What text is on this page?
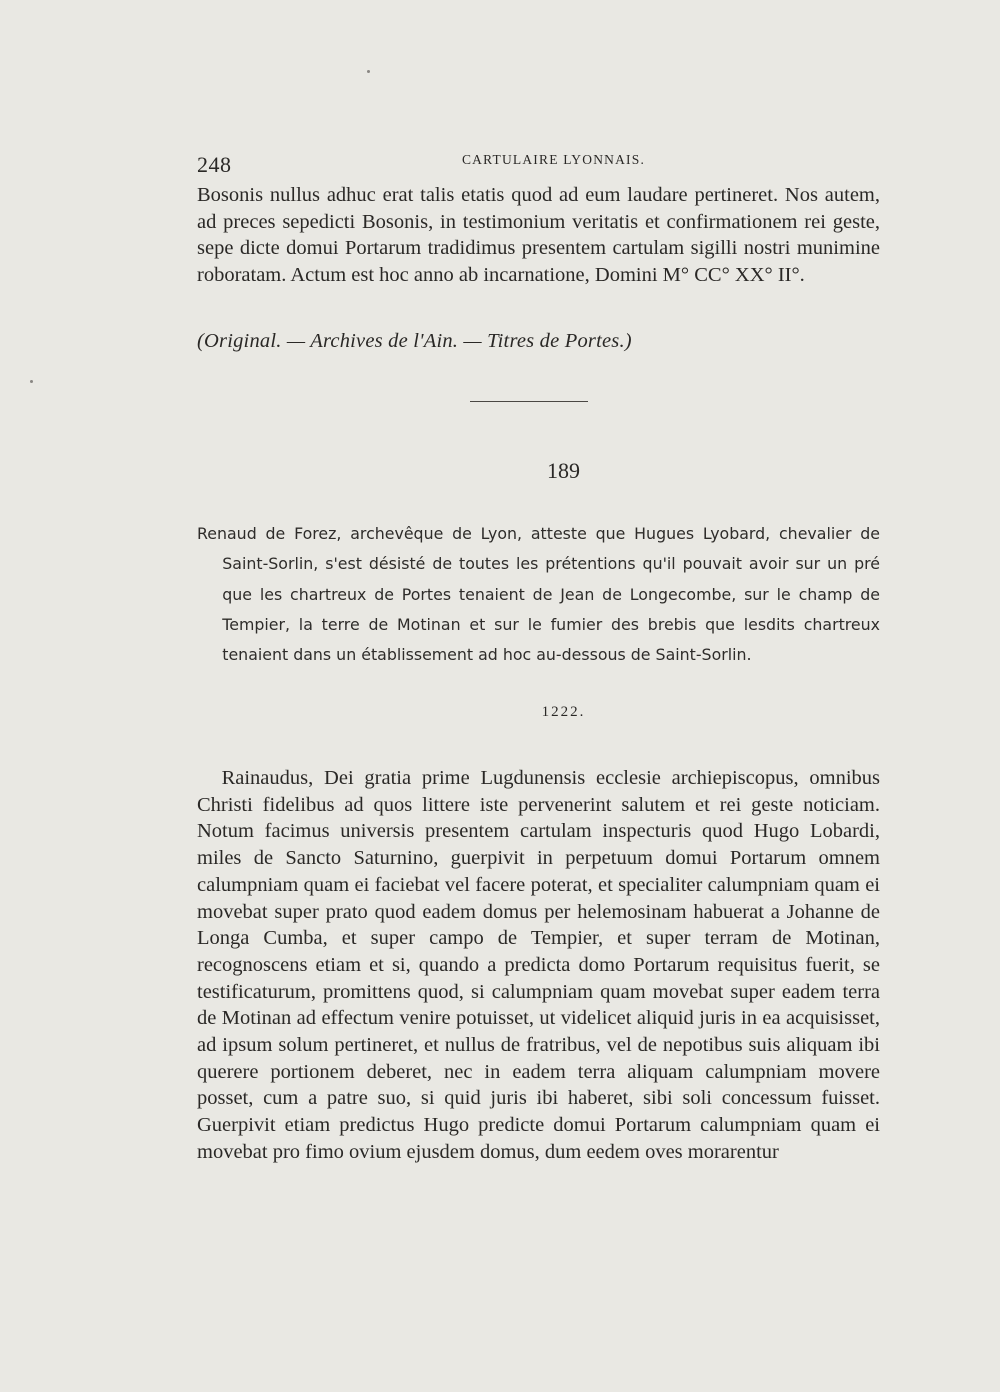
248	CARTULAIRE LYONNAIS.

Bosonis nullus adhuc erat talis etatis quod ad eum laudare pertineret. Nos autem, ad preces sepedicti Bosonis, in testimonium veritatis et confirmationem rei geste, sepe dicte domui Portarum tradidimus presentem cartulam sigilli nostri munimine roboratam. Actum est hoc anno ab incarnatione, Domini M° CC° XX° II°.

(Original. — Archives de l'Ain. — Titres de Portes.)
189

Renaud de Forez, archevêque de Lyon, atteste que Hugues Lyobard, chevalier de Saint-Sorlin, s'est désisté de toutes les prétentions qu'il pouvait avoir sur un pré que les chartreux de Portes tenaient de Jean de Longecombe, sur le champ de Tempier, la terre de Motinan et sur le fumier des brebis que lesdits chartreux tenaient dans un établissement ad hoc au-dessous de Saint-Sorlin.

1222.

Rainaudus, Dei gratia prime Lugdunensis ecclesie archiepiscopus, omnibus Christi fidelibus ad quos littere iste pervenerint salutem et rei geste noticiam. Notum facimus universis presentem cartulam inspecturis quod Hugo Lobardi, miles de Sancto Saturnino, guerpivit in perpetuum domui Portarum omnem calumpniam quam ei faciebat vel facere poterat, et specialiter calumpniam quam ei movebat super prato quod eadem domus per helemosinam habuerat a Johanne de Longa Cumba, et super campo de Tempier, et super terram de Motinan, recognoscens etiam et si, quando a predicta domo Portarum requisitus fuerit, se testificaturum, promittens quod, si calumpniam quam movebat super eadem terra de Motinan ad effectum venire potuisset, ut videlicet aliquid juris in ea acquisisset, ad ipsum solum pertineret, et nullus de fratribus, vel de nepotibus suis aliquam ibi querere portionem deberet, nec in eadem terra aliquam calumpniam movere posset, cum a patre suo, si quid juris ibi haberet, sibi soli concessum fuisset. Guerpivit etiam predictus Hugo predicte domui Portarum calumpniam quam ei movebat pro fimo ovium ejusdem domus, dum eedem oves morarentur
